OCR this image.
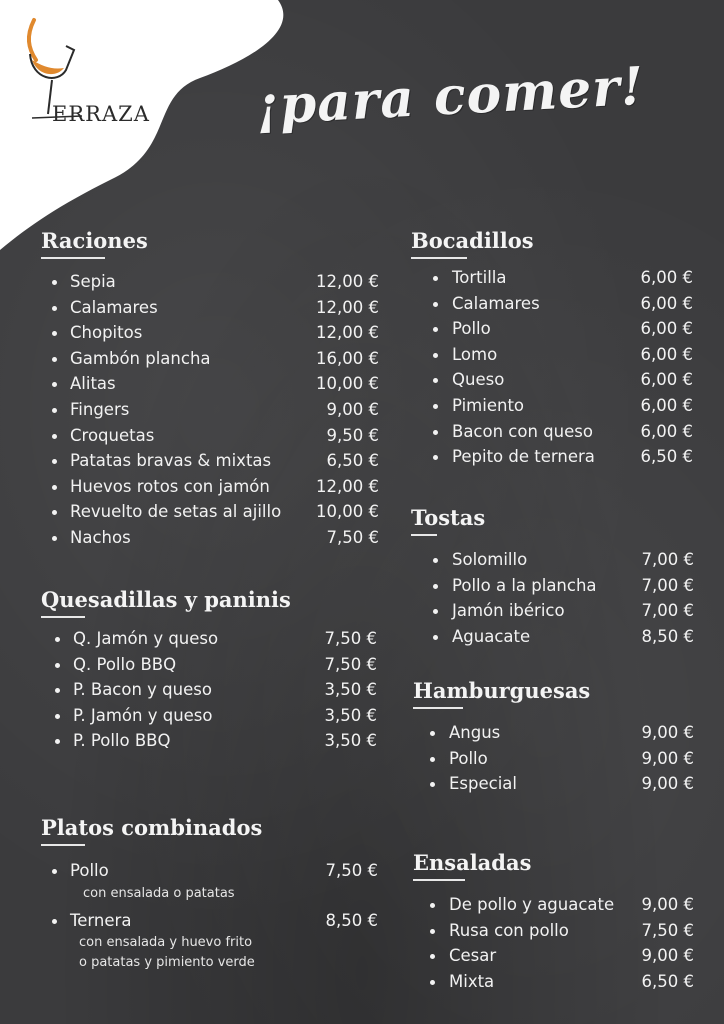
ERRAZA ¡para comer!
Raciones
Sepia	12,00 €
Calamares	12,00 €
Chopitos	12,00 €
Gambón plancha	16,00 €
Alitas	10,00 €
Fingers	9,00 €
Croquetas	9,50 €
Patatas bravas & mixtas	6,50 €
Huevos rotos con jamón	12,00 €
Revuelto de setas al ajillo 10,00 €
Nachos	7,50 €
Quesadillas y paninis
Q. Jamón y queso	7,50 €
Q. Pollo BBQ	7,50 €
P. Bacon y queso	3,50 €
P. Jamón y queso	3,50 €
P. Pollo BBQ	3,50 €
Platos combinados
Pollo	7,50 €
con ensalada o patatas
Ternera	8,50 €
con ensalada y huevo frito
o patatas y pimiento verde
Bocadillos
Tortilla	6,00 €
Calamares	6,00 €
Pollo	6,00 €
Lomo	6,00 €
Queso	6,00 €
Pimiento	6,00 €
Bacon con queso	6,00 €
Pepito de ternera	6,50 €
Tostas
Solomillo	7,00 €
Pollo a la plancha	7,00 €
Jamón ibérico	7,00 €
Aguacate	8,50 €
Hamburguesas
Angus	9,00 €
Pollo	9,00 €
Especial	9,00 €
Ensaladas
De pollo y aguacate 9,00 €
Rusa con pollo	7,50 €
Cesar	9,00 €
Mixta	6,50 €
